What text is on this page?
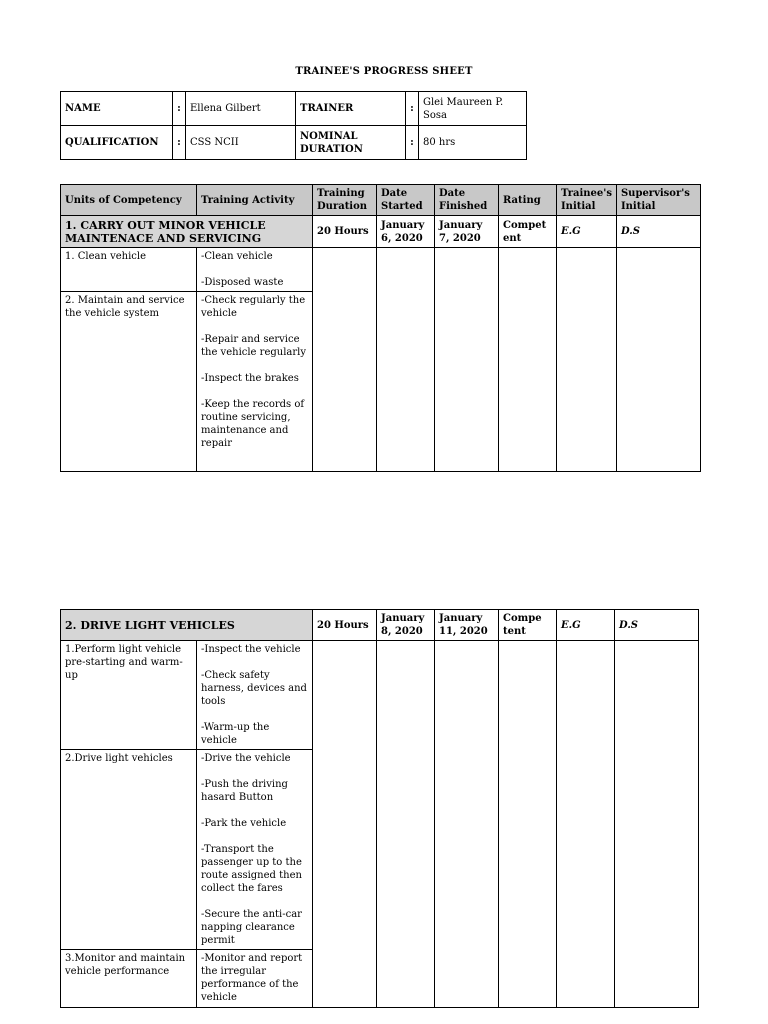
TRAINEE'S PROGRESS SHEET
NAME	:	Ellena Gilbert	TRAINER	:	Glei Maureen P. Sosa
QUALIFICATION	:	CSS NCII	NOMINAL DURATION	:	80 hrs
Units of Competency	Training Activity	Training Duration	Date Started	Date Finished	Rating	Trainee's Initial	Supervisor's Initial
1. CARRY OUT MINOR VEHICLE MAINTENACE AND SERVICING		20 Hours	January 6, 2020	January 7, 2020	Compet ent	E.G	D.S
1. Clean vehicle	-Clean vehicle

-Disposed waste						

2. Maintain and service the vehicle system	-Check regularly the vehicle

-Repair and service the vehicle regularly

-Inspect the brakes

-Keep the records of routine servicing, maintenance and repair						

2. DRIVE LIGHT VEHICLES		20 Hours	January 8, 2020	January 11, 2020	Compe tent	E.G	D.S
1.Perform light vehicle pre-starting and warm-up	-Inspect the vehicle

-Check safety harness, devices and tools

-Warm-up the vehicle						

2.Drive light vehicles	-Drive the vehicle

-Push the driving hasard Button

-Park the vehicle

-Transport the passenger up to the route assigned then collect the fares

-Secure the anti-car napping clearance permit						

3.Monitor and maintain vehicle performance	-Monitor and report the irregular performance of the vehicle						
